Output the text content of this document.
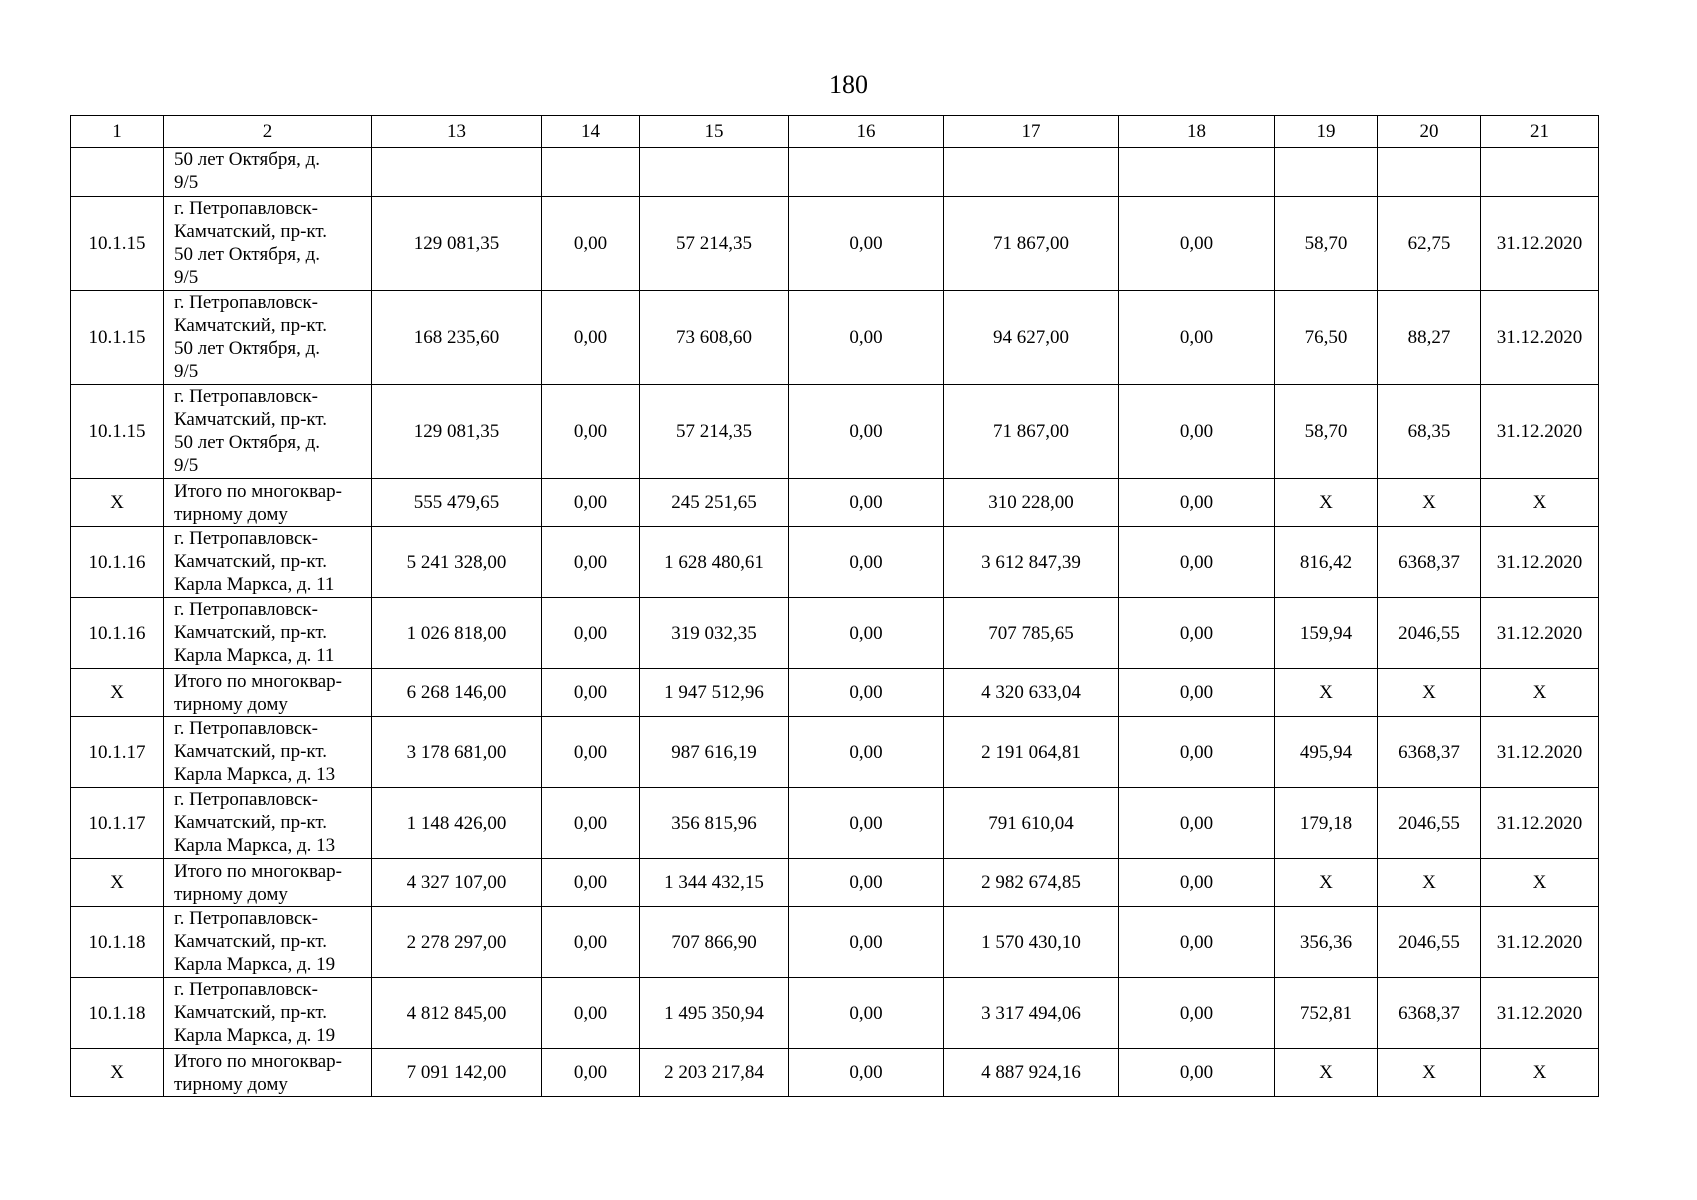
180
1	2	13	14	15	16	17	18	19	20	21
	50 лет Октября, д.
9/5									
10.1.15	г. Петропавловск-
Камчатский, пр-кт.
50 лет Октября, д.
9/5	129 081,35	0,00	57 214,35	0,00	71 867,00	0,00	58,70	62,75	31.12.2020
10.1.15	г. Петропавловск-
Камчатский, пр-кт.
50 лет Октября, д.
9/5	168 235,60	0,00	73 608,60	0,00	94 627,00	0,00	76,50	88,27	31.12.2020
10.1.15	г. Петропавловск-
Камчатский, пр-кт.
50 лет Октября, д.
9/5	129 081,35	0,00	57 214,35	0,00	71 867,00	0,00	58,70	68,35	31.12.2020
Х	Итого по многоквар-
тирному дому	555 479,65	0,00	245 251,65	0,00	310 228,00	0,00	Х	Х	Х
10.1.16	г. Петропавловск-
Камчатский, пр-кт.
Карла Маркса, д. 11	5 241 328,00	0,00	1 628 480,61	0,00	3 612 847,39	0,00	816,42	6368,37	31.12.2020
10.1.16	г. Петропавловск-
Камчатский, пр-кт.
Карла Маркса, д. 11	1 026 818,00	0,00	319 032,35	0,00	707 785,65	0,00	159,94	2046,55	31.12.2020
Х	Итого по многоквар-
тирному дому	6 268 146,00	0,00	1 947 512,96	0,00	4 320 633,04	0,00	Х	Х	Х
10.1.17	г. Петропавловск-
Камчатский, пр-кт.
Карла Маркса, д. 13	3 178 681,00	0,00	987 616,19	0,00	2 191 064,81	0,00	495,94	6368,37	31.12.2020
10.1.17	г. Петропавловск-
Камчатский, пр-кт.
Карла Маркса, д. 13	1 148 426,00	0,00	356 815,96	0,00	791 610,04	0,00	179,18	2046,55	31.12.2020
Х	Итого по многоквар-
тирному дому	4 327 107,00	0,00	1 344 432,15	0,00	2 982 674,85	0,00	Х	Х	Х
10.1.18	г. Петропавловск-
Камчатский, пр-кт.
Карла Маркса, д. 19	2 278 297,00	0,00	707 866,90	0,00	1 570 430,10	0,00	356,36	2046,55	31.12.2020
10.1.18	г. Петропавловск-
Камчатский, пр-кт.
Карла Маркса, д. 19	4 812 845,00	0,00	1 495 350,94	0,00	3 317 494,06	0,00	752,81	6368,37	31.12.2020
Х	Итого по многоквар-
тирному дому	7 091 142,00	0,00	2 203 217,84	0,00	4 887 924,16	0,00	Х	Х	Х
